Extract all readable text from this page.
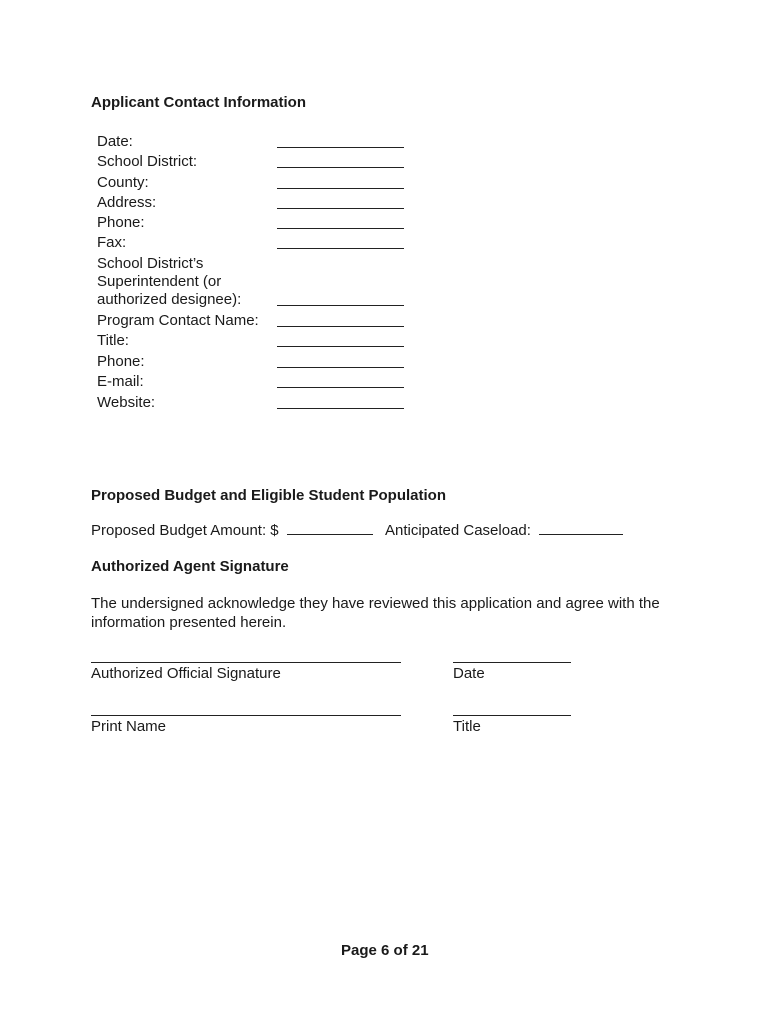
Applicant Contact Information
Date:
School District:
County:
Address:
Phone:
Fax:
School District’s
Superintendent (or
authorized designee):
Program Contact Name:
Title:
Phone:
E-mail:
Website:
Proposed Budget and Eligible Student Population
Proposed Budget Amount: $	Anticipated Caseload:
Authorized Agent Signature
The undersigned acknowledge they have reviewed this application and agree with the information presented herein.
Authorized Official Signature	Date
Print Name	Title
Page 6 of 21
